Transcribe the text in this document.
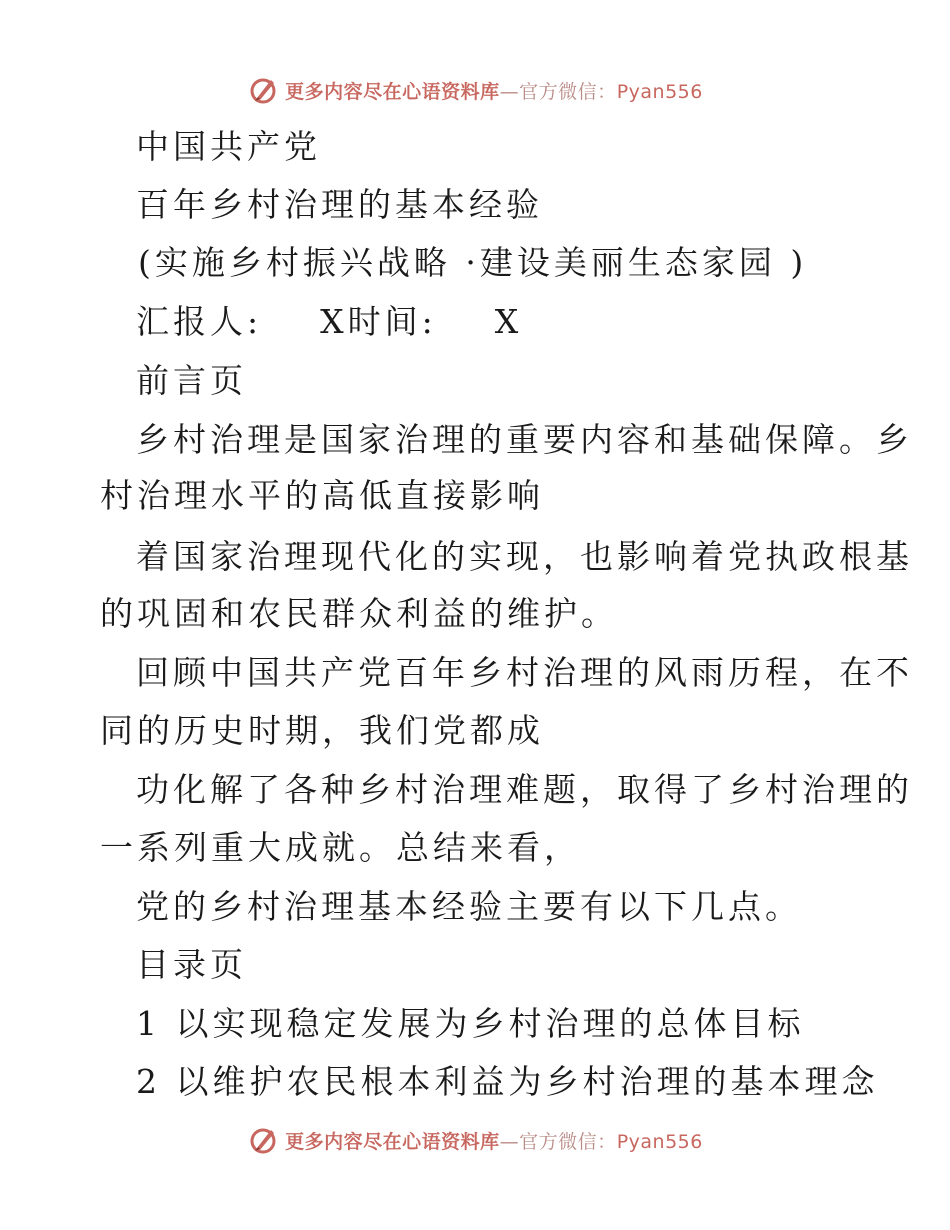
更多内容尽在心语资料库—官方微信：Pyan556
中国共产党
百年乡村治理的基本经验
(实施乡村振兴战略 ·建设美丽生态家园 )
汇报人: X时间: X
前言页
乡村治理是国家治理的重要内容和基础保障。乡
村治理水平的高低直接影响
着国家治理现代化的实现，也影响着党执政根基
的巩固和农民群众利益的维护。
回顾中国共产党百年乡村治理的风雨历程，在不
同的历史时期，我们党都成
功化解了各种乡村治理难题，取得了乡村治理的
一系列重大成就。总结来看，
党的乡村治理基本经验主要有以下几点。
目录页
1 以实现稳定发展为乡村治理的总体目标
2 以维护农民根本利益为乡村治理的基本理念
更多内容尽在心语资料库—官方微信：Pyan556
